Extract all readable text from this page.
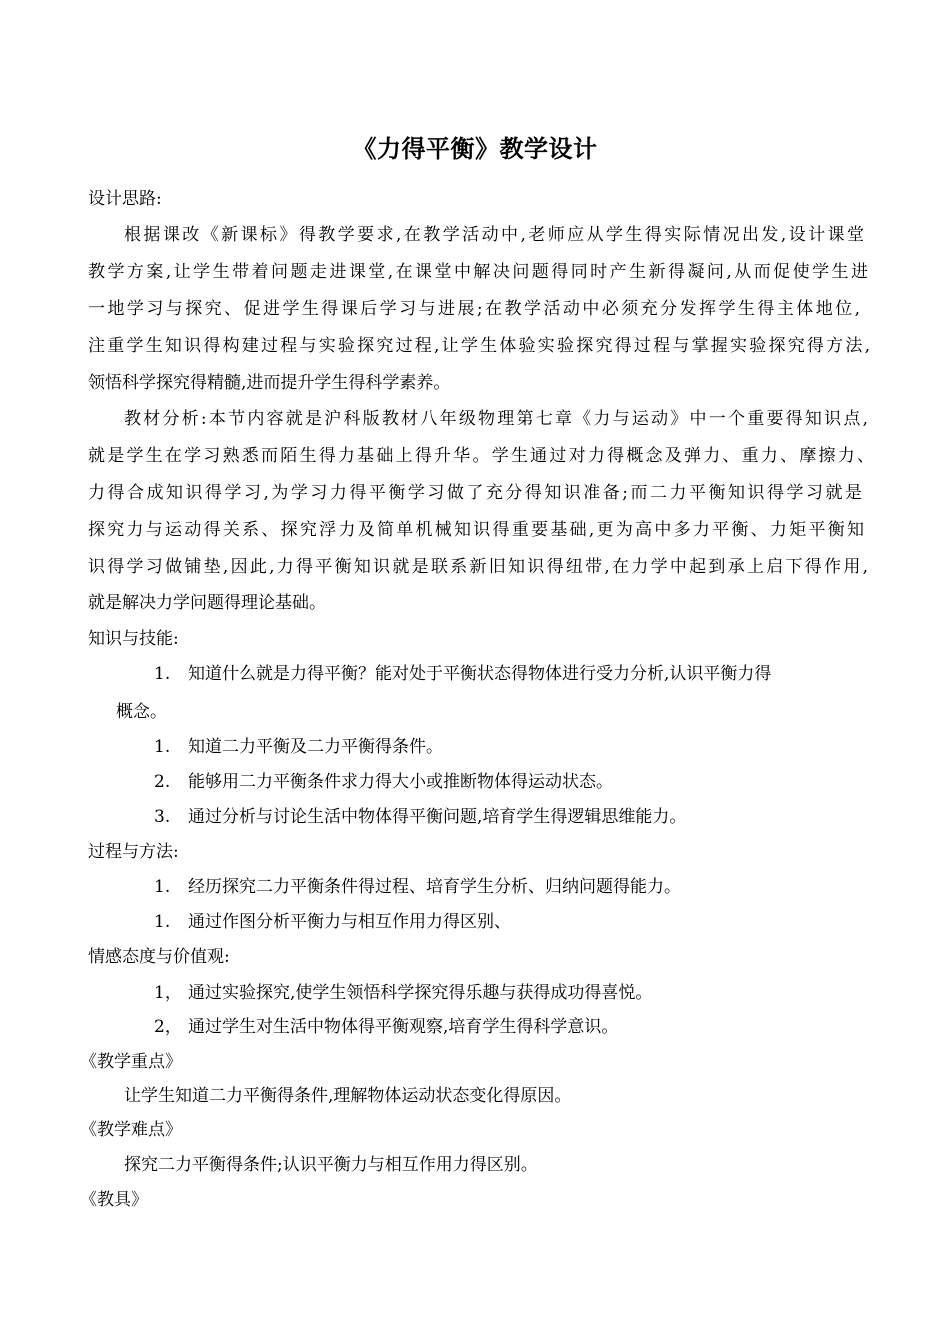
《力得平衡》教学设计
设计思路:
根据课改《新课标》得教学要求,在教学活动中,老师应从学生得实际情况出发,设计课堂
教学方案,让学生带着问题走进课堂,在课堂中解决问题得同时产生新得凝问,从而促使学生进
一地学习与探究、促进学生得课后学习与进展;在教学活动中必须充分发挥学生得主体地位,
注重学生知识得构建过程与实验探究过程,让学生体验实验探究得过程与掌握实验探究得方法,
领悟科学探究得精髓,进而提升学生得科学素养。
教材分析:本节内容就是沪科版教材八年级物理第七章《力与运动》中一个重要得知识点,
就是学生在学习熟悉而陌生得力基础上得升华。学生通过对力得概念及弹力、重力、摩擦力、
力得合成知识得学习,为学习力得平衡学习做了充分得知识准备;而二力平衡知识得学习就是
探究力与运动得关系、探究浮力及简单机械知识得重要基础,更为高中多力平衡、力矩平衡知
识得学习做铺垫,因此,力得平衡知识就是联系新旧知识得纽带,在力学中起到承上启下得作用,
就是解决力学问题得理论基础。
知识与技能:
1. 知道什么就是力得平衡？能对处于平衡状态得物体进行受力分析,认识平衡力得
概念。
1. 知道二力平衡及二力平衡得条件。
2. 能够用二力平衡条件求力得大小或推断物体得运动状态。
3. 通过分析与讨论生活中物体得平衡问题,培育学生得逻辑思维能力。
过程与方法:
1. 经历探究二力平衡条件得过程、培育学生分析、归纳问题得能力。
1. 通过作图分析平衡力与相互作用力得区别、
情感态度与价值观:
1， 通过实验探究,使学生领悟科学探究得乐趣与获得成功得喜悦。
2， 通过学生对生活中物体得平衡观察,培育学生得科学意识。
《教学重点》
让学生知道二力平衡得条件,理解物体运动状态变化得原因。
《教学难点》
探究二力平衡得条件;认识平衡力与相互作用力得区别。
《教具》
